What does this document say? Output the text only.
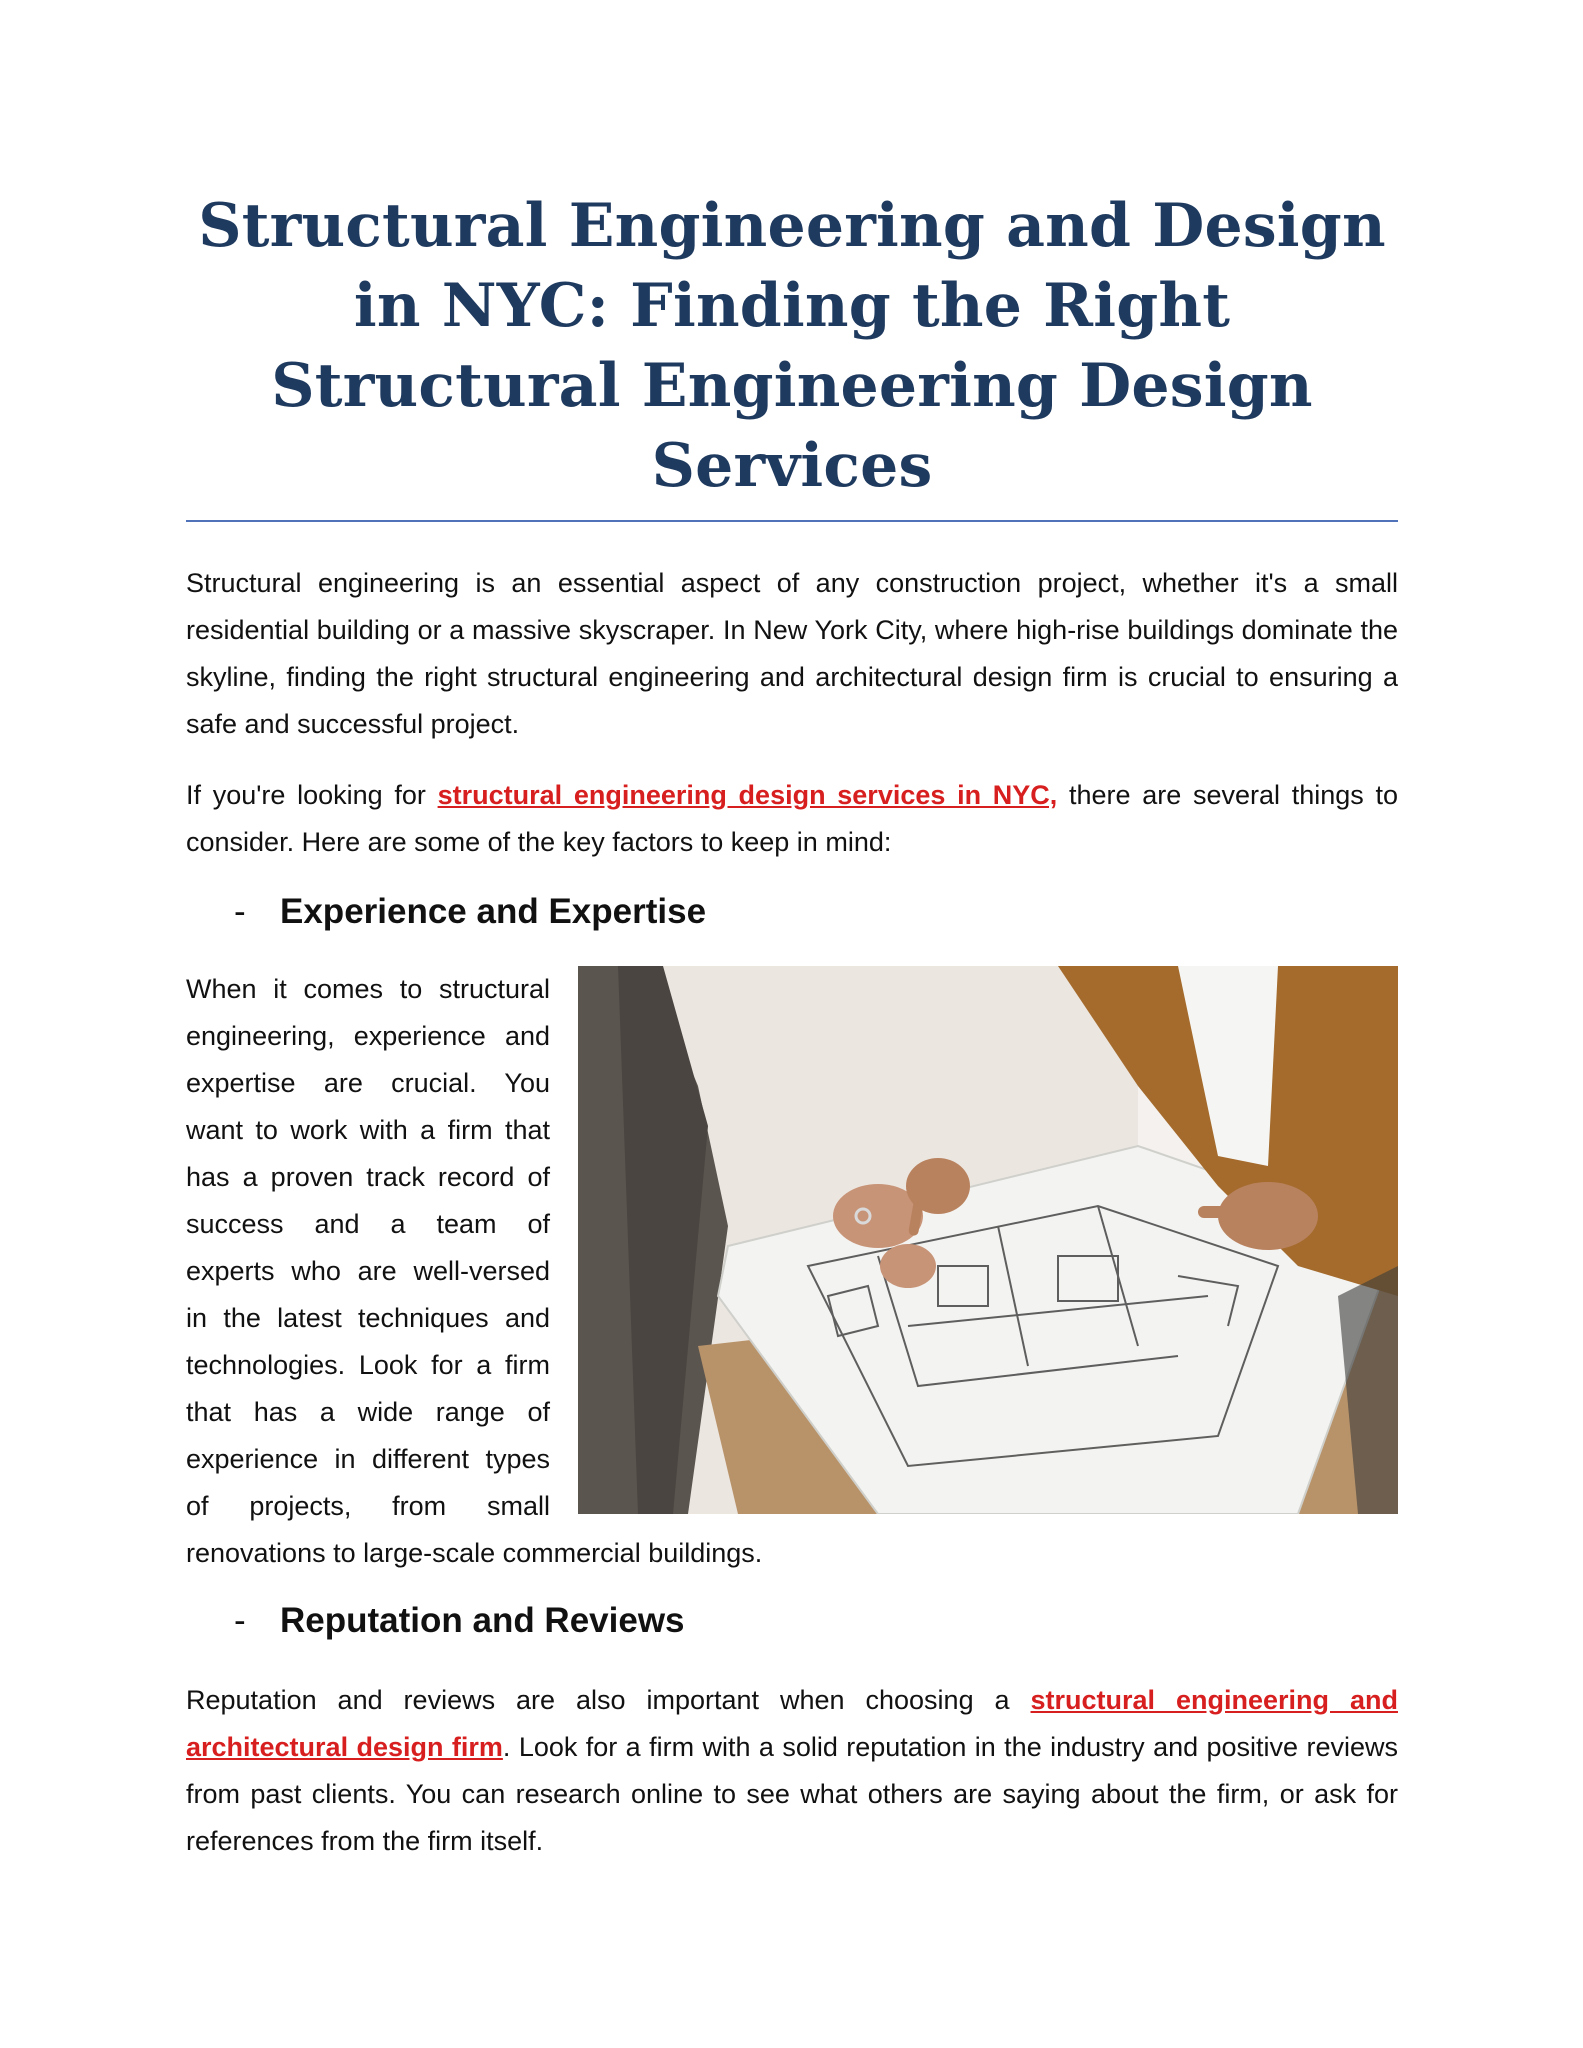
Structural Engineering and Design in NYC: Finding the Right Structural Engineering Design Services

Structural engineering is an essential aspect of any construction project, whether it's a small residential building or a massive skyscraper. In New York City, where high-rise buildings dominate the skyline, finding the right structural engineering and architectural design firm is crucial to ensuring a safe and successful project.

If you're looking for structural engineering design services in NYC, there are several things to consider. Here are some of the key factors to keep in mind:

- Experience and Expertise

When it comes to structural engineering, experience and expertise are crucial. You want to work with a firm that has a proven track record of success and a team of experts who are well-versed in the latest techniques and technologies. Look for a firm that has a wide range of experience in different types of projects, from small renovations to large-scale commercial buildings.

- Reputation and Reviews

Reputation and reviews are also important when choosing a structural engineering and architectural design firm. Look for a firm with a solid reputation in the industry and positive reviews from past clients. You can research online to see what others are saying about the firm, or ask for references from the firm itself.
